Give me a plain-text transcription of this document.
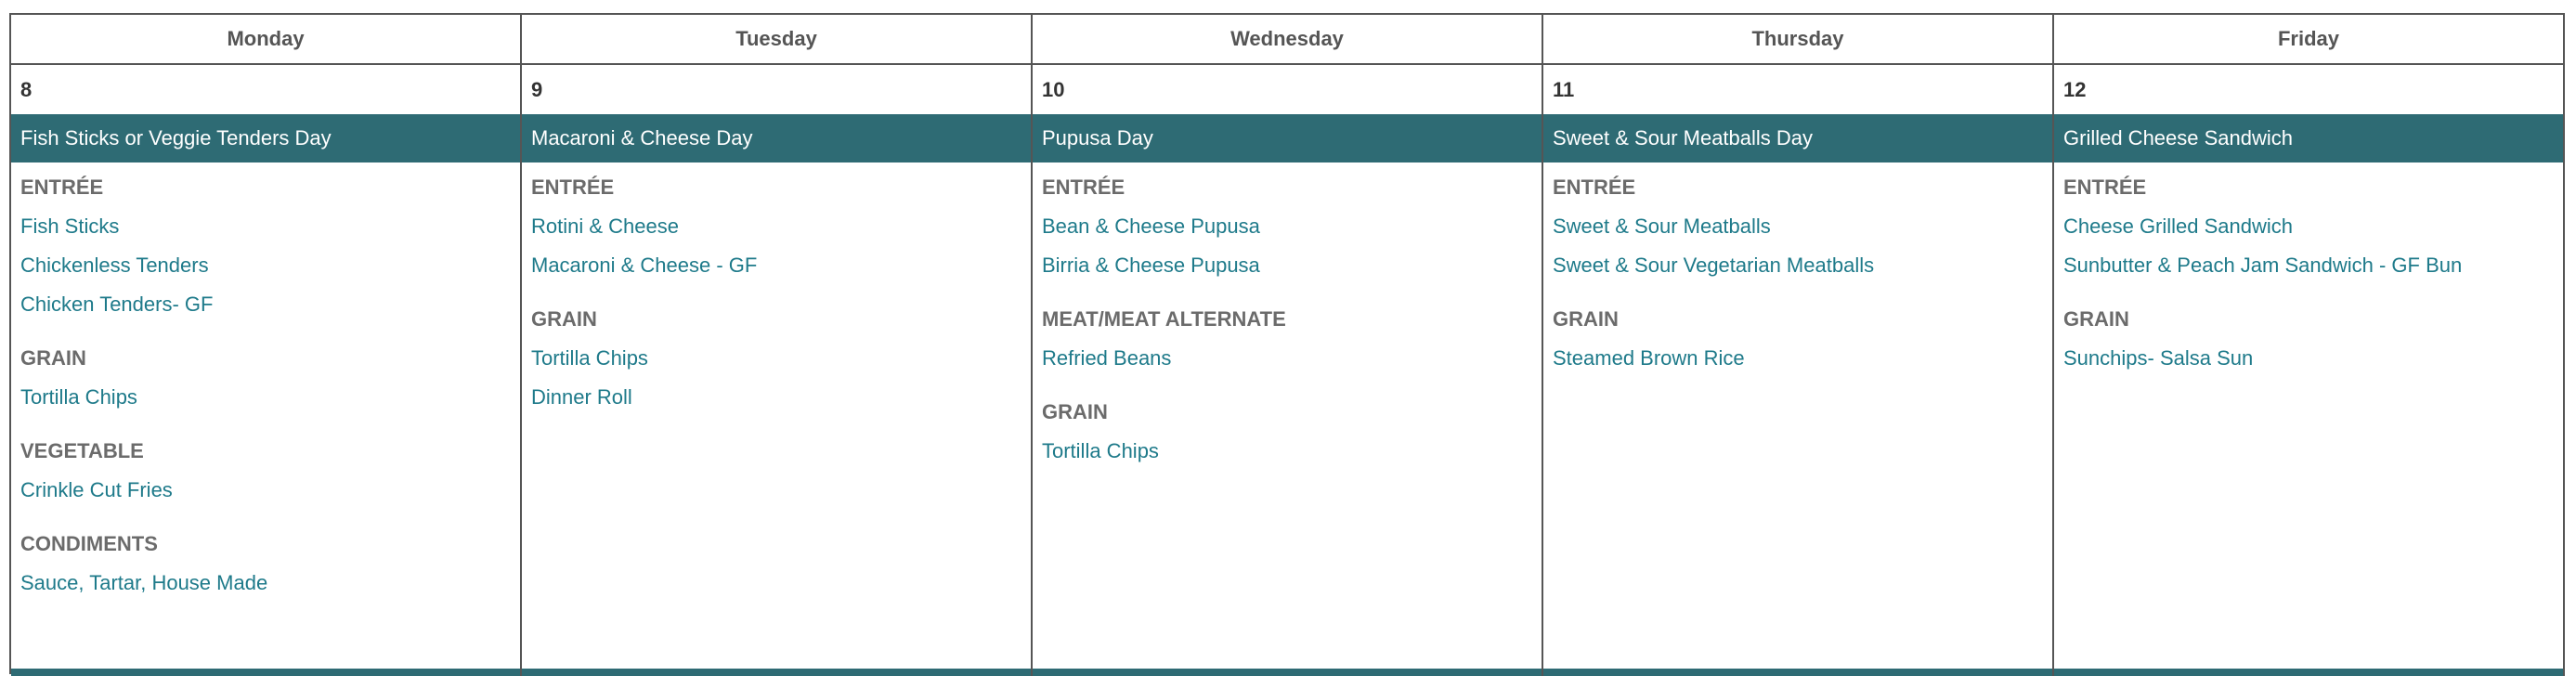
Monday
8
Fish Sticks or Veggie Tenders Day
ENTRÉE
Fish Sticks
Chickenless Tenders
Chicken Tenders- GF
GRAIN
Tortilla Chips
VEGETABLE
Crinkle Cut Fries
CONDIMENTS
Sauce, Tartar, House Made
Tuesday
9
Macaroni & Cheese Day
ENTRÉE
Rotini & Cheese
Macaroni & Cheese - GF
GRAIN
Tortilla Chips
Dinner Roll
Wednesday
10
Pupusa Day
ENTRÉE
Bean & Cheese Pupusa
Birria & Cheese Pupusa
MEAT/MEAT ALTERNATE
Refried Beans
GRAIN
Tortilla Chips
Thursday
11
Sweet & Sour Meatballs Day
ENTRÉE
Sweet & Sour Meatballs
Sweet & Sour Vegetarian Meatballs
GRAIN
Steamed Brown Rice
Friday
12
Grilled Cheese Sandwich
ENTRÉE
Cheese Grilled Sandwich
Sunbutter & Peach Jam Sandwich - GF Bun
GRAIN
Sunchips- Salsa Sun
